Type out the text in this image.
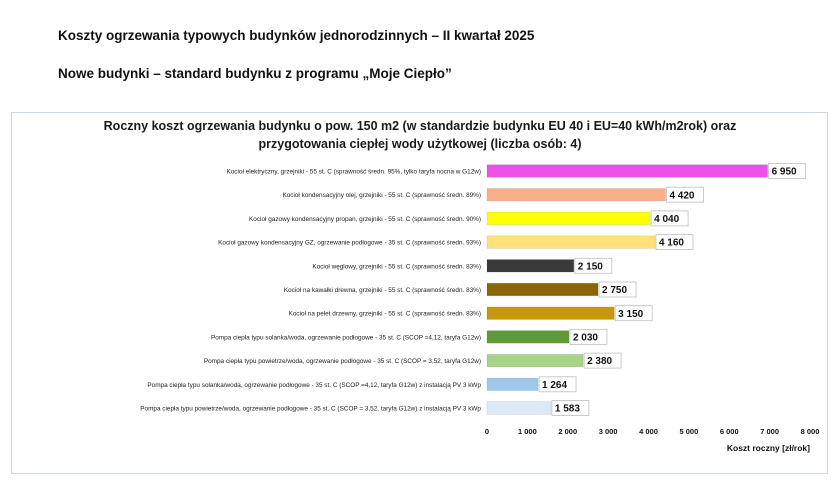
Koszty ogrzewania typowych budynków jednorodzinnych – II kwartał 2025
Nowe budynki – standard budynku z programu „Moje Ciepło”
Roczny koszt ogrzewania budynku o pow. 150 m2 (w standardzie budynku EU 40 i EU=40 kWh/m2rok) oraz
przygotowania ciepłej wody użytkowej (liczba osób: 4)
Kocioł elektryczny, grzejniki - 55 st. C (sprawność średn. 95%, tylko taryfa nocna w G12w)	6 950
Kocioł kondensacyjny olej, grzejniki - 55 st. C (sprawność średn. 89%)	4 420
Kocioł gazowy kondensacyjny propan, grzejniki - 55 st. C (sprawność średn. 90%)	4 040
Kocioł gazowy kondensacyjny GZ, ogrzewanie podłogowe - 35 st. C (sprawność średn. 93%)	4 160
Kocioł węglowy, grzejniki - 55 st. C (sprawność średn. 83%)	2 150
Kocioł na kawałki drewna, grzejniki - 55 st. C (sprawność średn. 83%)	2 750
Kocioł na pelet drzewny, grzejniki - 55 st. C (sprawność średn. 83%)	3 150
Pompa ciepła typu solanka/woda, ogrzewanie podłogowe - 35 st. C (SCOP =4,12, taryfa G12w)	2 030
Pompa ciepła typu powietrze/woda, ogrzewanie podłogowe - 35 st. C (SCOP = 3,52, taryfa G12w)	2 380
Pompa ciepła typu solanka/woda, ogrzewanie podłogowe - 35 st. C (SCOP =4,12, taryfa G12w) z instalacją PV 3 kWp	1 264
Pompa ciepła typu powietrze/woda, ogrzewanie podłogowe - 35 st. C (SCOP = 3,52, taryfa G12w) z instalacją PV 3 kWp	1 583
0	1 000	2 000	3 000	4 000	5 000	6 000	7 000	8 000
Koszt roczny [zł/rok]
